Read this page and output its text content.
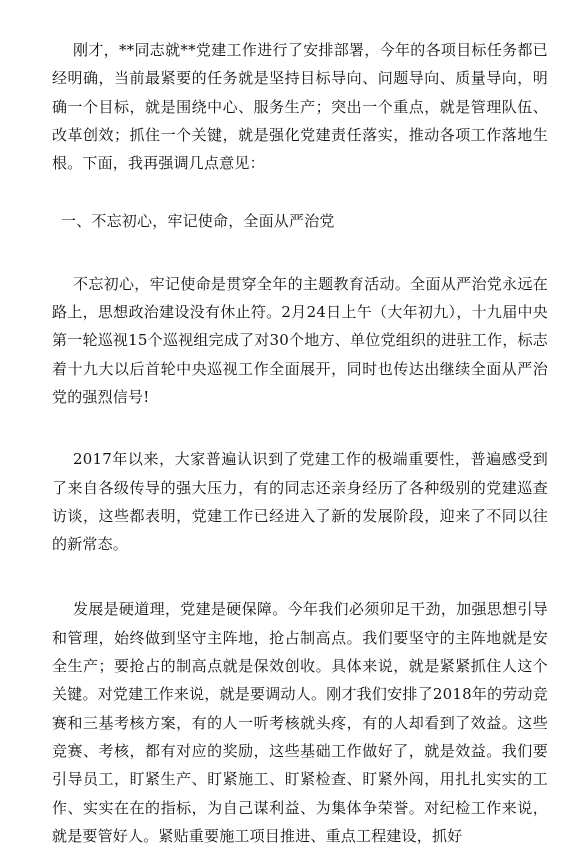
刚才，**同志就**党建工作进行了安排部署，今年的各项目标任务都已经明确，当前最紧要的任务就是坚持目标导向、问题导向、质量导向，明确一个目标，就是围绕中心、服务生产；突出一个重点，就是管理队伍、改革创效；抓住一个关键，就是强化党建责任落实，推动各项工作落地生根。下面，我再强调几点意见：

一、不忘初心，牢记使命，全面从严治党

不忘初心，牢记使命是贯穿全年的主题教育活动。全面从严治党永远在路上，思想政治建设没有休止符。2月24日上午（大年初九），十九届中央第一轮巡视15个巡视组完成了对30个地方、单位党组织的进驻工作，标志着十九大以后首轮中央巡视工作全面展开，同时也传达出继续全面从严治党的强烈信号!

2017年以来，大家普遍认识到了党建工作的极端重要性，普遍感受到了来自各级传导的强大压力，有的同志还亲身经历了各种级别的党建巡查访谈，这些都表明，党建工作已经进入了新的发展阶段，迎来了不同以往的新常态。

发展是硬道理，党建是硬保障。今年我们必须卯足干劲，加强思想引导和管理，始终做到坚守主阵地，抢占制高点。我们要坚守的主阵地就是安全生产；要抢占的制高点就是保效创收。具体来说，就是紧紧抓住人这个关键。对党建工作来说，就是要调动人。刚才我们安排了2018年的劳动竞赛和三基考核方案，有的人一听考核就头疼，有的人却看到了效益。这些竞赛、考核，都有对应的奖励，这些基础工作做好了，就是效益。我们要引导员工，盯紧生产、盯紧施工、盯紧检查、盯紧外闯，用扎扎实实的工作、实实在在的指标，为自己谋利益、为集体争荣誉。对纪检工作来说，就是要管好人。紧贴重要施工项目推进、重点工程建设，抓好
